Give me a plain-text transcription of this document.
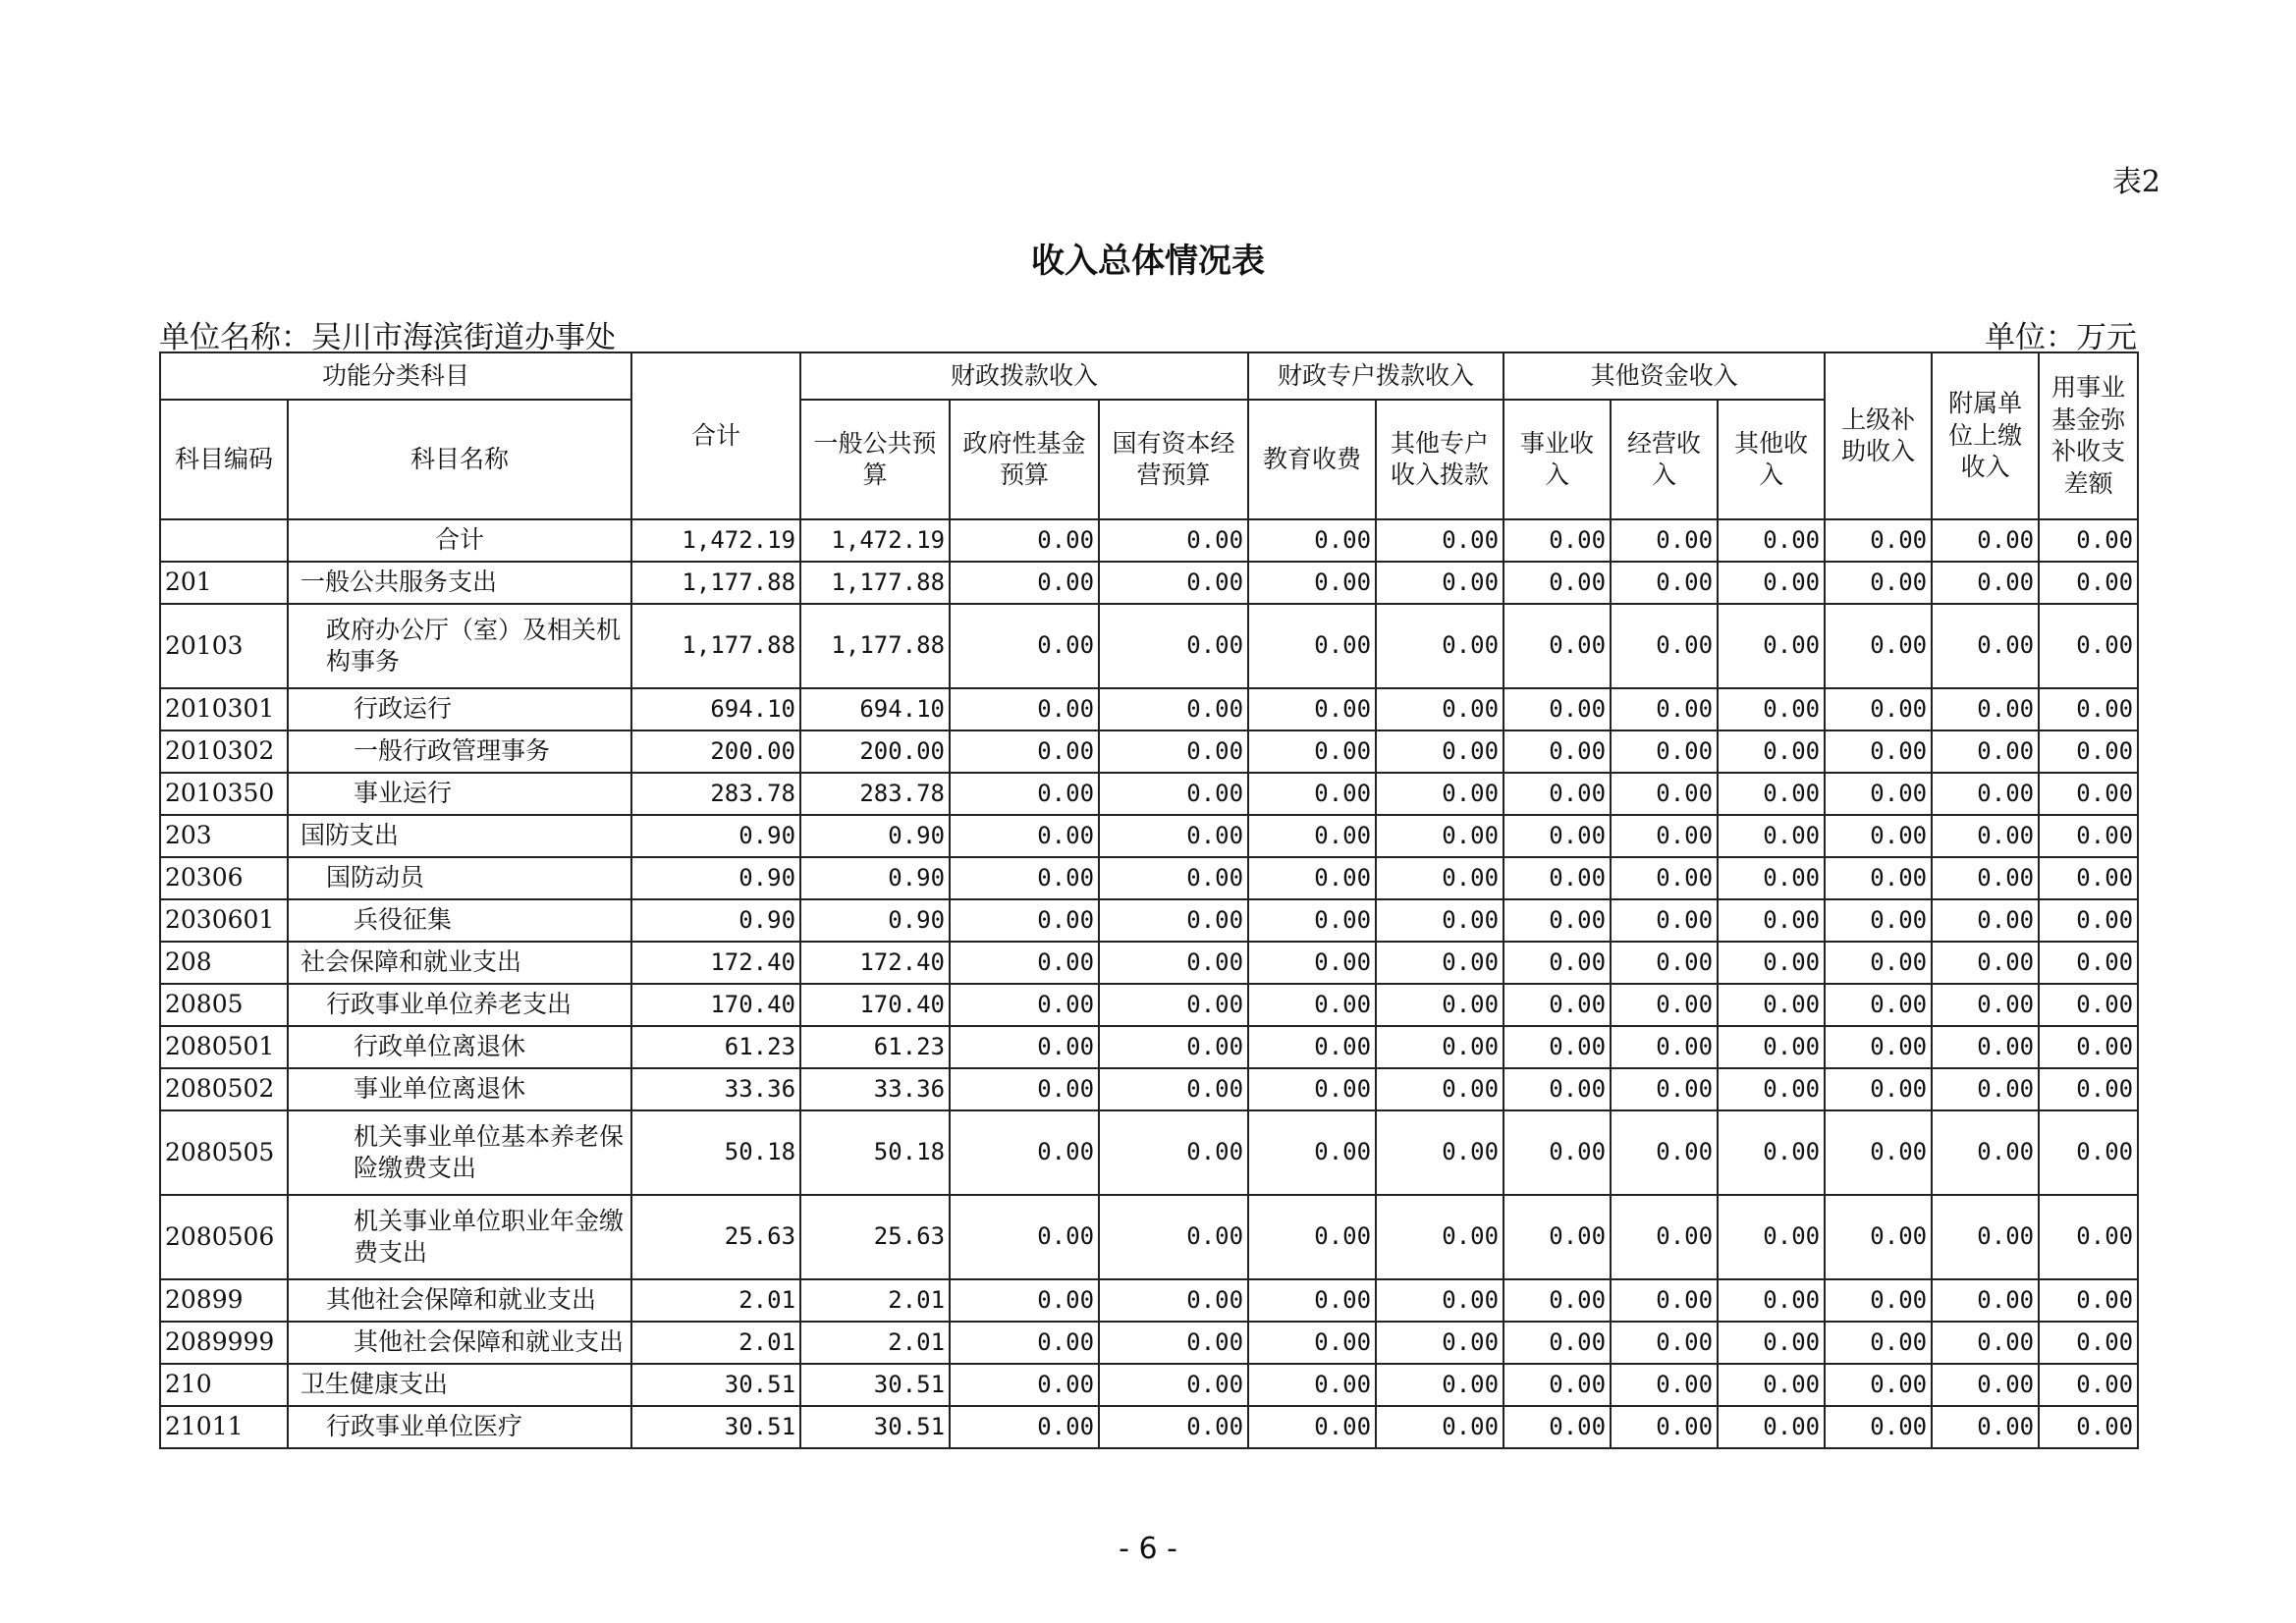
表2
收入总体情况表
单位名称：吴川市海滨街道办事处	单位：万元
功能分类科目		合计	财政拨款收入			财政专户拨款收入		其他资金收入			上级补助收入	附属单位上缴收入	用事业基金弥补收支差额
科目编码	科目名称		一般公共预算	政府性基金预算	国有资本经营预算	教育收费	其他专户收入拨款	事业收入	经营收入	其他收入			
	合计	1,472.19	1,472.19	0.00	0.00	0.00	0.00	0.00	0.00	0.00	0.00	0.00	0.00
201	一般公共服务支出	1,177.88	1,177.88	0.00	0.00	0.00	0.00	0.00	0.00	0.00	0.00	0.00	0.00
20103	政府办公厅（室）及相关机构事务	1,177.88	1,177.88	0.00	0.00	0.00	0.00	0.00	0.00	0.00	0.00	0.00	0.00
2010301	行政运行	694.10	694.10	0.00	0.00	0.00	0.00	0.00	0.00	0.00	0.00	0.00	0.00
2010302	一般行政管理事务	200.00	200.00	0.00	0.00	0.00	0.00	0.00	0.00	0.00	0.00	0.00	0.00
2010350	事业运行	283.78	283.78	0.00	0.00	0.00	0.00	0.00	0.00	0.00	0.00	0.00	0.00
203	国防支出	0.90	0.90	0.00	0.00	0.00	0.00	0.00	0.00	0.00	0.00	0.00	0.00
20306	国防动员	0.90	0.90	0.00	0.00	0.00	0.00	0.00	0.00	0.00	0.00	0.00	0.00
2030601	兵役征集	0.90	0.90	0.00	0.00	0.00	0.00	0.00	0.00	0.00	0.00	0.00	0.00
208	社会保障和就业支出	172.40	172.40	0.00	0.00	0.00	0.00	0.00	0.00	0.00	0.00	0.00	0.00
20805	行政事业单位养老支出	170.40	170.40	0.00	0.00	0.00	0.00	0.00	0.00	0.00	0.00	0.00	0.00
2080501	行政单位离退休	61.23	61.23	0.00	0.00	0.00	0.00	0.00	0.00	0.00	0.00	0.00	0.00
2080502	事业单位离退休	33.36	33.36	0.00	0.00	0.00	0.00	0.00	0.00	0.00	0.00	0.00	0.00
2080505	机关事业单位基本养老保险缴费支出	50.18	50.18	0.00	0.00	0.00	0.00	0.00	0.00	0.00	0.00	0.00	0.00
2080506	机关事业单位职业年金缴费支出	25.63	25.63	0.00	0.00	0.00	0.00	0.00	0.00	0.00	0.00	0.00	0.00
20899	其他社会保障和就业支出	2.01	2.01	0.00	0.00	0.00	0.00	0.00	0.00	0.00	0.00	0.00	0.00
2089999	其他社会保障和就业支出	2.01	2.01	0.00	0.00	0.00	0.00	0.00	0.00	0.00	0.00	0.00	0.00
210	卫生健康支出	30.51	30.51	0.00	0.00	0.00	0.00	0.00	0.00	0.00	0.00	0.00	0.00
21011	行政事业单位医疗	30.51	30.51	0.00	0.00	0.00	0.00	0.00	0.00	0.00	0.00	0.00	0.00
- 6 -
